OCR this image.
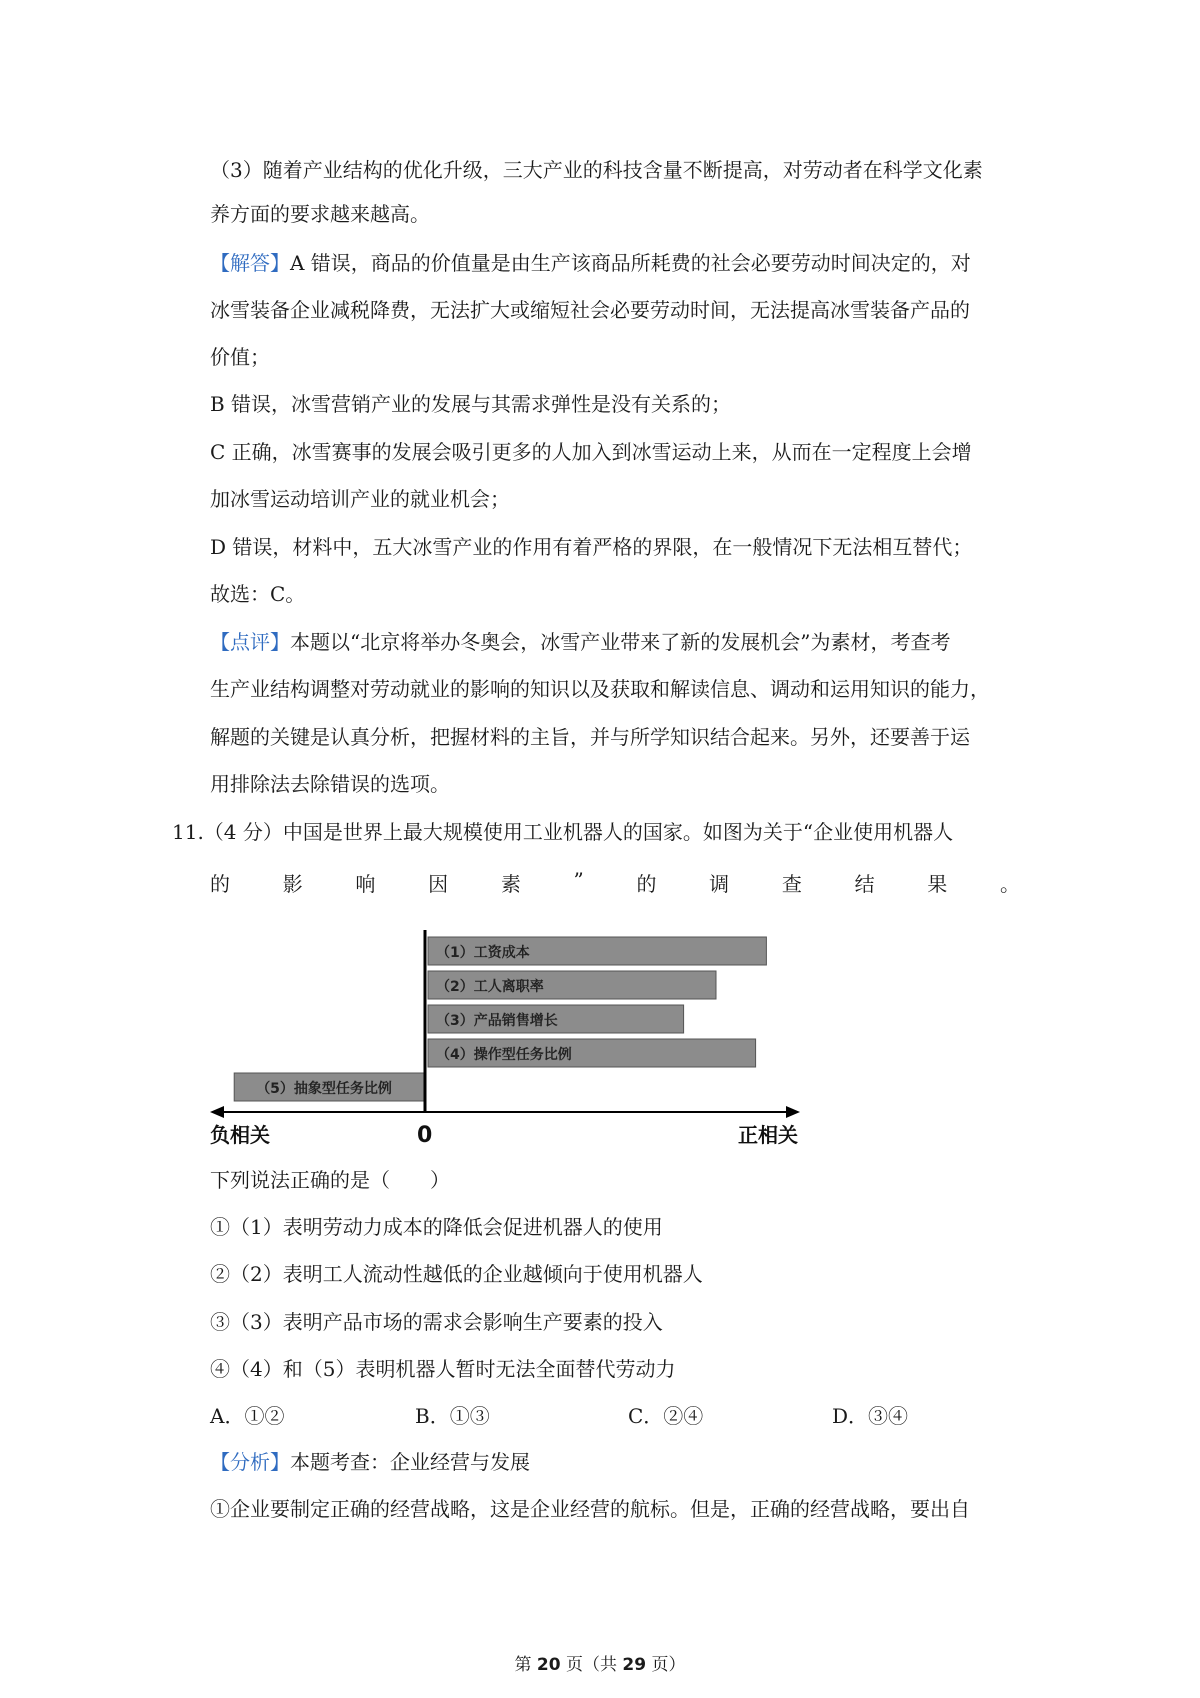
（3）随着产业结构的优化升级，三大产业的科技含量不断提高，对劳动者在科学文化素
养方面的要求越来越高。
【解答】A 错误，商品的价值量是由生产该商品所耗费的社会必要劳动时间决定的，对
冰雪装备企业减税降费，无法扩大或缩短社会必要劳动时间，无法提高冰雪装备产品的
价值；
B 错误，冰雪营销产业的发展与其需求弹性是没有关系的；
C 正确，冰雪赛事的发展会吸引更多的人加入到冰雪运动上来，从而在一定程度上会增
加冰雪运动培训产业的就业机会；
D 错误，材料中，五大冰雪产业的作用有着严格的界限，在一般情况下无法相互替代；
故选：C。
【点评】本题以“北京将举办冬奥会，冰雪产业带来了新的发展机会”为素材，考查考
生产业结构调整对劳动就业的影响的知识以及获取和解读信息、调动和运用知识的能力，
解题的关键是认真分析，把握材料的主旨，并与所学知识结合起来。另外，还要善于运
用排除法去除错误的选项。
11.（4 分）中国是世界上最大规模使用工业机器人的国家。如图为关于“企业使用机器人
的	影	响	因	素	”	的	调	查	结	果	。
（1）工资成本
（2）工人离职率
（3）产品销售增长
（4）操作型任务比例
（5）抽象型任务比例
负相关	0	正相关
下列说法正确的是（　　）
①（1）表明劳动力成本的降低会促进机器人的使用
②（2）表明工人流动性越低的企业越倾向于使用机器人
③（3）表明产品市场的需求会影响生产要素的投入
④（4）和（5）表明机器人暂时无法全面替代劳动力
A．①②	B．①③	C．②④	D．③④
【分析】本题考查：企业经营与发展
①企业要制定正确的经营战略，这是企业经营的航标。但是，正确的经营战略，要出自
第 20 页（共 29 页）
